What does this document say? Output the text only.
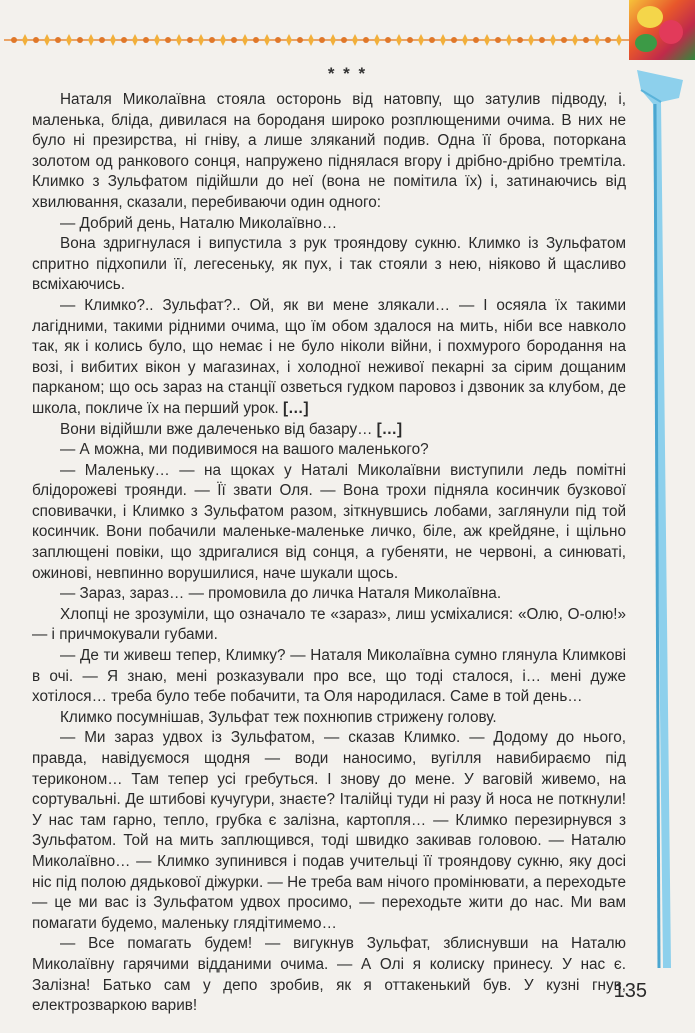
* * *

Наталя Миколаївна стояла осторонь від натовпу, що затулив підводу, і, маленька, бліда, дивилася на бороданя широко розплющеними очима. В них не було ні презирства, ні гніву, а лише зляканий подив. Одна її брова, поторкана золотом од ранкового сонця, напружено піднялася вгору і дрібно-дрібно тремтіла. Климко з Зульфатом підійшли до неї (вона не помітила їх) і, затинаючись від хвилювання, сказали, перебиваючи один одного:

— Добрий день, Наталю Миколаївно…

Вона здригнулася і випустила з рук трояндову сукню. Климко із Зульфатом спритно підхопили її, легесеньку, як пух, і так стояли з нею, ніяково й щасливо всміхаючись.

— Климко?.. Зульфат?.. Ой, як ви мене злякали… — І осяяла їх такими лагідними, такими рідними очима, що їм обом здалося на мить, ніби все навколо так, як і колись було, що немає і не було ніколи війни, і похмурого бородання на возі, і вибитих вікон у магазинах, і холодної неживої пекарні за сірим дощаним парканом; що ось зараз на станції озветься гудком паровоз і дзвоник за клубом, де школа, покличе їх на перший урок. […]

Вони відійшли вже далеченько від базару… […]

— А можна, ми подивимося на вашого маленького?

— Маленьку… — на щоках у Наталі Миколаївни виступили ледь помітні блідорожеві троянди. — Її звати Оля. — Вона трохи підняла косинчик бузкової сповивачки, і Климко з Зульфатом разом, зіткнувшись лобами, заглянули під той косинчик. Вони побачили маленьке-маленьке личко, біле, аж крейдяне, і щільно заплющені повіки, що здригалися від сонця, а губеняти, не червоні, а синюваті, ожинові, невпинно ворушилися, наче шукали щось.

— Зараз, зараз… — промовила до личка Наталя Миколаївна.

Хлопці не зрозуміли, що означало те «зараз», лиш усміхалися: «Олю, О-олю!» — і причмокували губами.

— Де ти живеш тепер, Климку? — Наталя Миколаївна сумно глянула Климкові в очі. — Я знаю, мені розказували про все, що тоді сталося, і… мені дуже хотілося… треба було тебе побачити, та Оля народилася. Саме в той день…

Климко посумнішав, Зульфат теж похнюпив стрижену голову.

— Ми зараз удвох із Зульфатом, — сказав Климко. — Додому до нього, правда, навідуємося щодня — води наносимо, вугілля навибираємо під териконом… Там тепер усі гребуться. І знову до мене. У ваговій живемо, на сортувальні. Де штибові кучугури, знаєте? Італійці туди ні разу й носа не поткнули! У нас там гарно, тепло, грубка є залізна, картопля… — Климко перезирнувся з Зульфатом. Той на мить заплющився, тоді швидко закивав головою. — Наталю Миколаївно… — Климко зупинився і подав учительці її трояндову сукню, яку досі ніс під полою дядькової діжурки. — Не треба вам нічого промінювати, а переходьте — це ми вас із Зульфатом удвох просимо, — переходьте жити до нас. Ми вам помагати будемо, маленьку глядітимемо…

— Все помагать будем! — вигукнув Зульфат, зблиснувши на Наталю Миколаївну гарячими відданими очима. — А Олі я колиску принесу. У нас є. Залізна! Батько сам у депо зробив, як я оттакенький був. У кузні гнув, електрозваркою варив!

135
